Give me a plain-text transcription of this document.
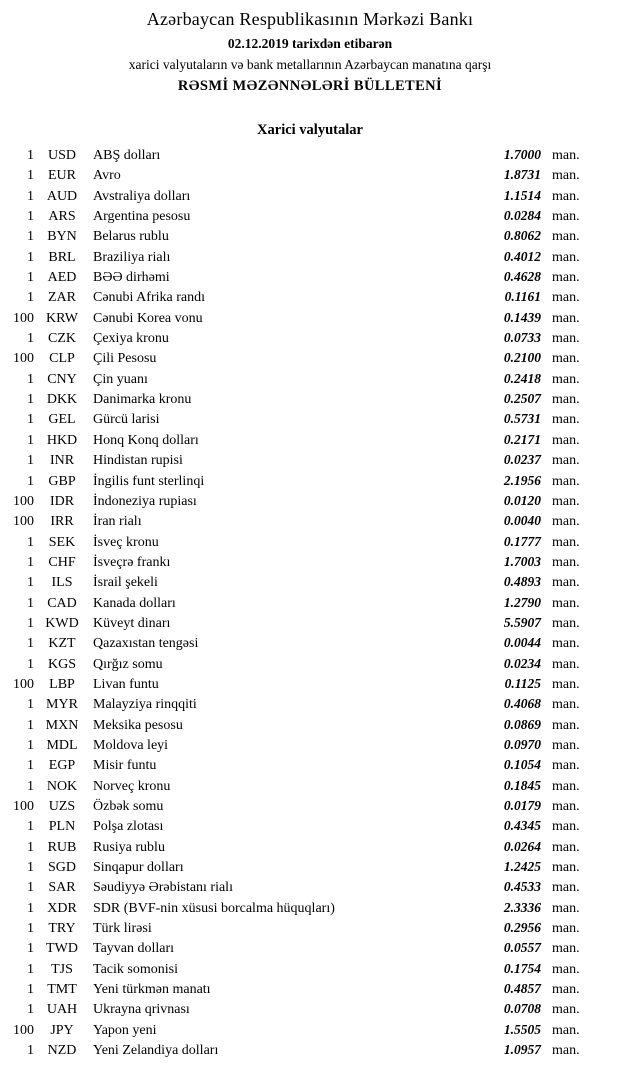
Azərbaycan Respublikasının Mərkəzi Bankı
02.12.2019 tarixdən etibarən
xarici valyutaların və bank metallarının Azərbaycan manatına qarşı
RƏSMİ MƏZƏNNƏLƏRİ BÜLLETENİ
Xarici valyutalar
1 USD	ABŞ dolları	1.7000 man.
1	EUR	Avro	1.8731 man.
1 AUD	Avstraliya dolları	1.1514 man.
1	ARS	Argentina pesosu	0.0284 man.
1 BYN	Belarus rublu	0.8062 man.
1	BRL	Braziliya rialı	0.4012 man.
1 AED	BƏƏ dirhəmi	0.4628 man.
1	ZAR	Cənubi Afrika randı	0.1161 man.
100 KRW	Cənubi Korea vonu	0.1439 man.
1	CZK	Çexiya kronu	0.0733 man.
100	CLP	Çili Pesosu	0.2100 man.
1 CNY	Çin yuanı	0.2418 man.
1 DKK	Danimarka kronu	0.2507 man.
1	GEL	Gürcü larisi	0.5731 man.
1 HKD	Honq Konq dolları	0.2171 man.
1	INR	Hindistan rupisi	0.0237 man.
1	GBP	İngilis funt sterlinqi	2.1956 man.
100	IDR	İndoneziya rupiası	0.0120 man.
100	IRR	İran rialı	0.0040 man.
1	SEK	İsveç kronu	0.1777 man.
1	CHF	İsveçrə frankı	1.7003 man.
1	ILS	İsrail şekeli	0.4893 man.
1 CAD	Kanada dolları	1.2790 man.
1 KWD	Küveyt dinarı	5.5907 man.
1	KZT	Qazaxıstan tengəsi	0.0044 man.
1 KGS	Qırğız somu	0.0234 man.
100	LBP	Livan funtu	0.1125 man.
1 MYR	Malayziya rinqqiti	0.4068 man.
1 MXN	Meksika pesosu	0.0869 man.
1 MDL	Moldova leyi	0.0970 man.
1	EGP	Misir funtu	0.1054 man.
1 NOK	Norveç kronu	0.1845 man.
100	UZS	Özbək somu	0.0179 man.
1	PLN	Polşa zlotası	0.4345 man.
1 RUB	Rusiya rublu	0.0264 man.
1 SGD	Sinqapur dolları	1.2425 man.
1	SAR	Səudiyyə Ərəbistanı rialı	0.4533 man.
1 XDR	SDR (BVF-nin xüsusi borcalma hüquqları)	2.3336 man.
1	TRY	Türk lirəsi	0.2956 man.
1 TWD	Tayvan dolları	0.0557 man.
1	TJS	Tacik somonisi	0.1754 man.
1 TMT	Yeni türkmən manatı	0.4857 man.
1 UAH	Ukrayna qrivnası	0.0708 man.
100	JPY	Yapon yeni	1.5505 man.
1 NZD	Yeni Zelandiya dolları	1.0957 man.
